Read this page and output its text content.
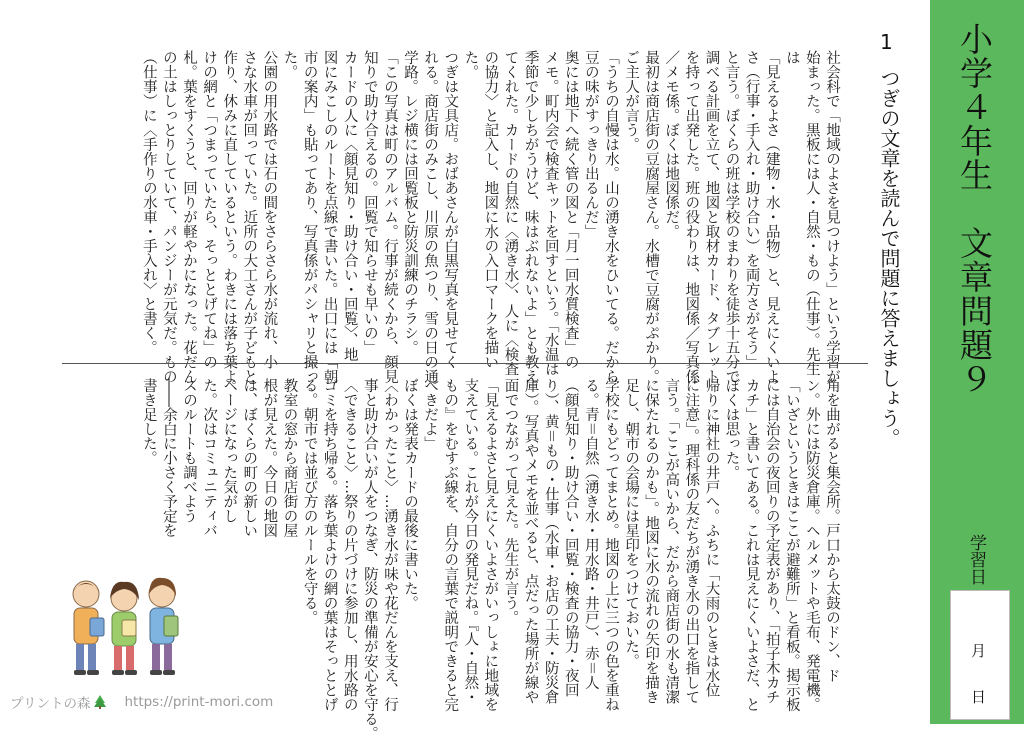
小学４年生　文章問題９
学習日
月
日
1
つぎの文章を読んで問題に答えましょう。
社会科で「地域のよさを見つけよう」という学習が
始まった。黒板には人・自然・もの（仕事）。先生
は
「見えるよさ（建物・水・品物）と、見えにくいよ
さ（行事・手入れ・助け合い）を両方さがそう」
と言う。ぼくらの班は学校のまわりを徒歩十五分で
調べる計画を立て、地図と取材カード、タブレット
を持って出発した。班の役わりは、地図係／写真係
／メモ係。ぼくは地図係だ。
最初は商店街の豆腐屋さん。水槽で豆腐がぷかり。
ご主人が言う。
「うちの自慢は水。山の湧き水をひいてる。だから
豆の味がすっきり出るんだ」
奥には地下へ続く管の図と「月一回水質検査」の
メモ。町内会で検査キットを回すという。「水温は
季節で少しちがうけど、味はぶれないよ」とも教え
てくれた。カードの自然に〈湧き水〉、人に〈検査
の協力〉と記入し、地図に水の入口マークを描い
た。
つぎは文具店。おばあさんが白黒写真を見せてく
れる。商店街のみこし、川原の魚つり、雪の日の通
学路。レジ横には回覧板と防災訓練のチラシ。
「この写真は町のアルバム。行事が続くから、顔見
知りで助け合えるの。回覧で知らせも早いの」
カードの人に〈顔見知り・助け合い・回覧〉、地
図にみこしのルートを点線で書いた。出口には「朝
市の案内」も貼ってあり、写真係がパシャリと撮っ
た。
公園の用水路では石の間をさらさら水が流れ、小
さな水車が回っていた。近所の大工さんが子どもと
作り、休みに直しているという。わきには落ち葉よ
けの網と「つまっていたら、そっととげてね」の
札。葉をすくうと、回りが軽やかになった。花だん
の土はしっとりしていて、パンジーが元気だ。もの
（仕事）に〈手作りの水車・手入れ〉と書く。
角を曲がると集会所。戸口から太鼓のドン、ド
ン。外には防災倉庫。ヘルメットや毛布、発電機。
「いざというときはここが避難所」と看板。掲示板
には自治会の夜回りの予定表があり、「拍子木カチ
カチ」と書いてある。これは見えにくいよさだ、と
ぼくは思った。
帰りに神社の井戸へ。ふちに「大雨のときは水位
に注意」。理科係の友だちが湧き水の出口を指して
言う。「ここが高いから、だから商店街の水も清潔
に保たれるのかも」。地図に水の流れの矢印を描き
足し、朝市の会場には星印をつけておいた。
学校にもどってまとめ。地図の上に三つの色を重ね
る。青＝自然（湧き水・用水路・井戸）、赤＝人
（顔見知り・助け合い・回覧・検査の協力・夜回
り）、黄＝もの・仕事（水車・お店の工夫・防災倉
庫）。写真やメモを並べると、点だった場所が線や
面でつながって見えた。先生が言う。
「見えるよさと見えにくいよさがいっしょに地域を
支えている。これが今日の発見だね。『人・自然・
もの』をむすぶ線を、自分の言葉で説明できると完
ぺきだよ」
ぼくは発表カードの最後に書いた。
〈わかったこと〉…湧き水が味や花だんを支え、行
事と助け合いが人をつなぎ、防災の準備が安心を守る。
〈できること〉…祭りの片づけに参加し、用水路の
ゴミを持ち帰る。落ち葉よけの網の葉はそっととげ
る。朝市では並び方のルールを守る。
教室の窓から商店街の屋
根が見えた。今日の地図
は、ぼくらの町の新しい
ページになった気がし
た。次はコミュニティバ
スのルートも調べよう
――余白に小さく予定を
書き足した。
プリントの森	https://print-mori.com
